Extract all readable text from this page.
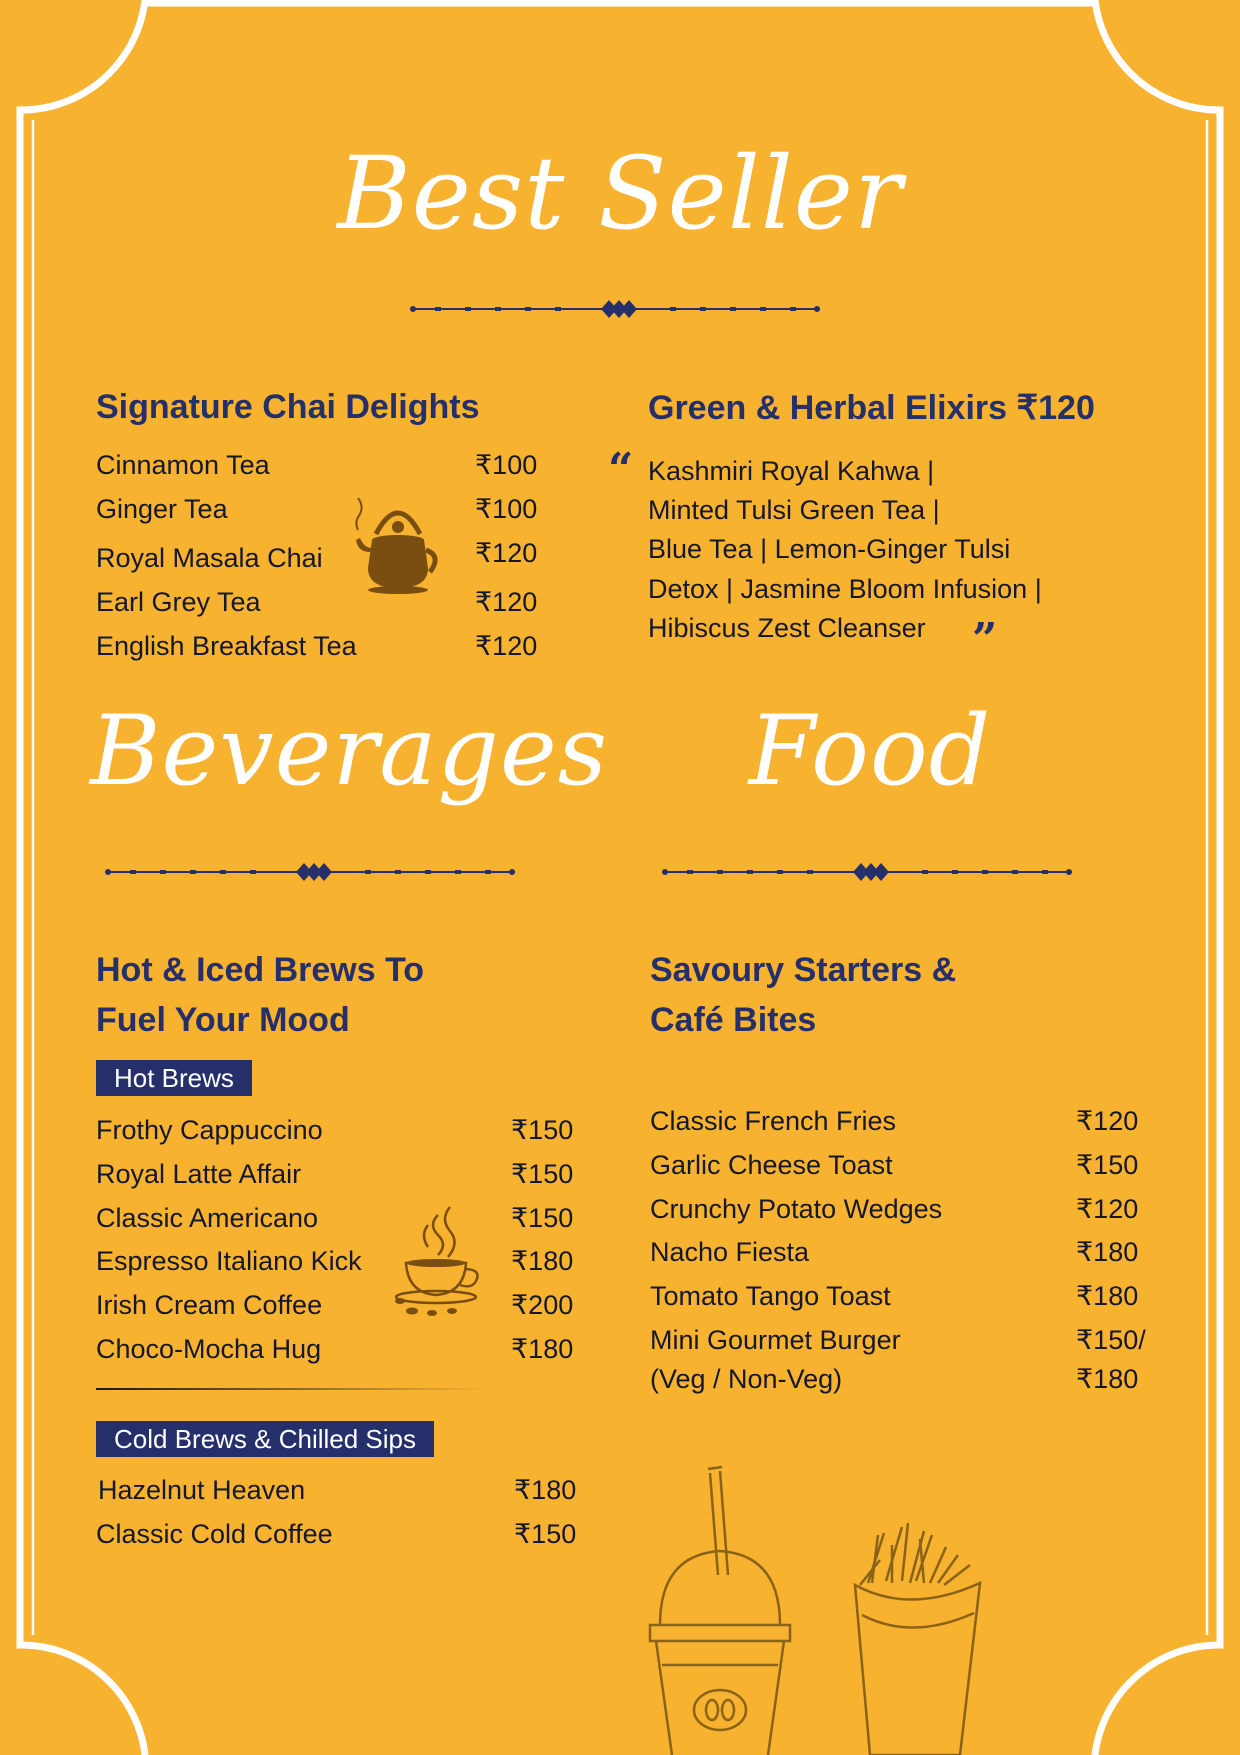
Best Seller
Signature Chai Delights
Cinnamon Tea	₹100
Ginger Tea	₹100
Royal Masala Chai	₹120
Earl Grey Tea	₹120
English Breakfast Tea	₹120
Green & Herbal Elixirs ₹120
“ Kashmiri Royal Kahwa |
Minted Tulsi Green Tea |
Blue Tea | Lemon-Ginger Tulsi
Detox | Jasmine Bloom Infusion |
Hibiscus Zest Cleanser ”
Beverages	Food
Hot & Iced Brews To
Fuel Your Mood
Hot Brews
Frothy Cappuccino	₹150
Royal Latte Affair	₹150
Classic Americano	₹150
Espresso Italiano Kick	₹180
Irish Cream Coffee	₹200
Choco-Mocha Hug	₹180
Cold Brews & Chilled Sips
Hazelnut Heaven	₹180
Classic Cold Coffee	₹150
Savoury Starters &
Café Bites
Classic French Fries	₹120
Garlic Cheese Toast	₹150
Crunchy Potato Wedges	₹120
Nacho Fiesta	₹180
Tomato Tango Toast	₹180
Mini Gourmet Burger	₹150/
(Veg / Non-Veg)	₹180
